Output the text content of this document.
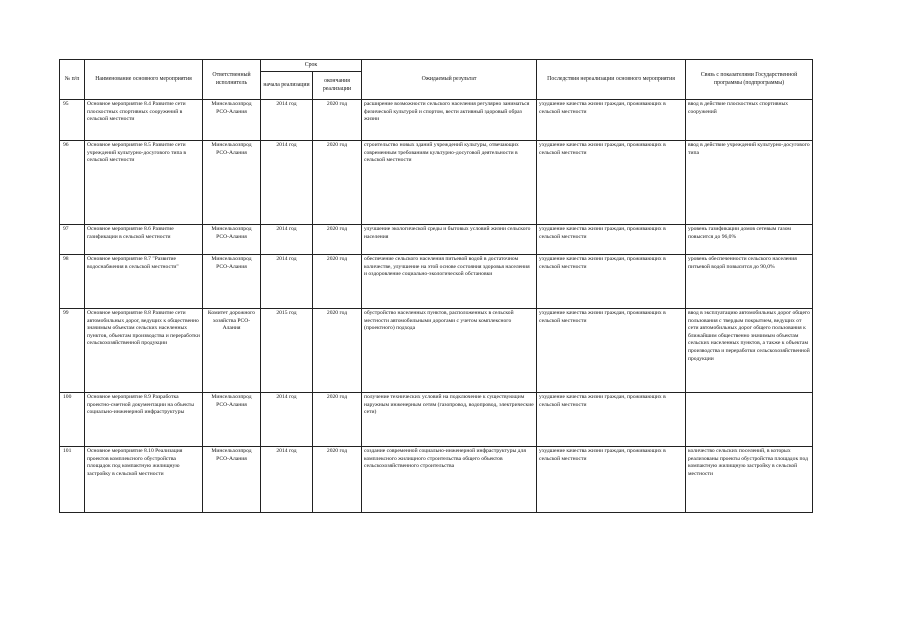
№ п/п	Наименование основного мероприятия	Ответственный исполнитель	Срок		Ожидаемый результат	Последствия нереализации основного мероприятия	Связь с показателями Государственной программы (подпрограммы)
			начала реализации	окончания реализации			
95	Основное мероприятие 8.4 Развитие сети плоскостных спортивных сооружений в сельской местности	Минсельхозпрод РСО-Алания	2014 год	2020 год	расширение возможности сельского населения регулярно заниматься физической культурой и спортом, вести активный здоровый образ жизни	ухудшение качества жизни граждан, проживающих в сельской местности	ввод в действие плоскостных спортивных сооружений
96	Основное мероприятие 8.5 Развитие сети учреждений культурно-досугового типа в сельской местности	Минсельхозпрод РСО-Алания	2014 год	2020 год	строительство новых зданий учреждений культуры, отвечающих современным требованиям культурно-досуговой деятельности в сельской местности	ухудшение качества жизни граждан, проживающих в сельской местности	ввод в действие учреждений культурно-досугового типа
97	Основное мероприятие 8.6 Развитие газификации в сельской местности	Минсельхозпрод РСО-Алания	2014 год	2020 год	улучшение экологической среды и бытовых условий жизни сельского населения	ухудшение качества жизни граждан, проживающих в сельской местности	уровень газификации домов сетевым газом повысится до 96,0%
98	Основное мероприятие 8.7 "Развитие водоснабжения в сельской местности"	Минсельхозпрод РСО-Алания	2014 год	2020 год	обеспечение сельского населения питьевой водой в достаточном количестве, улучшение на этой основе состояния здоровья населения и оздоровление социально-экологической обстановки	ухудшение качества жизни граждан, проживающих в сельской местности	уровень обеспеченности сельского населения питьевой водой повысится до 90,0%
99	Основное мероприятие 8.8 Развитие сети автомобильных дорог, ведущих к общественно значимым объектам сельских населенных пунктов, объектам производства и переработки сельскохозяйственной продукции	Комитет дорожного хозяйства РСО-Алания	2015 год	2020 год	обустройство населенных пунктов, расположенных в сельской местности автомобильными дорогами с учетом комплексного (проектного) подхода	ухудшение качества жизни граждан, проживающих в сельской местности	ввод в эксплуатацию автомобильных дорог общего пользования с твердым покрытием, ведущих от сети автомобильных дорог общего пользования к ближайшим общественно значимым объектам сельских населенных пунктов, а также к объектам производства и переработки сельскохозяйственной продукции
100	Основное мероприятие 8.9 Разработка проектно-сметной документации на объекты социально-инженерной инфраструктуры	Минсельхозпрод РСО-Алания	2014 год	2020 год	получение технических условий на подключение к существующим наружным инженерным сетям (газопровод, водопровод, электрические сети)	ухудшение качества жизни граждан, проживающих в сельской местности	
101	Основное мероприятие 8.10 Реализация проектов комплексного обустройства площадок под компактную жилищную застройку в сельской местности	Минсельхозпрод РСО-Алания	2014 год	2020 год	создание современной социально-инженерной инфраструктуры для комплексного жилищного строительства общего объектов сельскохозяйственного строительства	ухудшение качества жизни граждан, проживающих в сельской местности	количество сельских поселений, в которых реализованы проекты обустройства площадок под компактную жилищную застройку в сельской местности
